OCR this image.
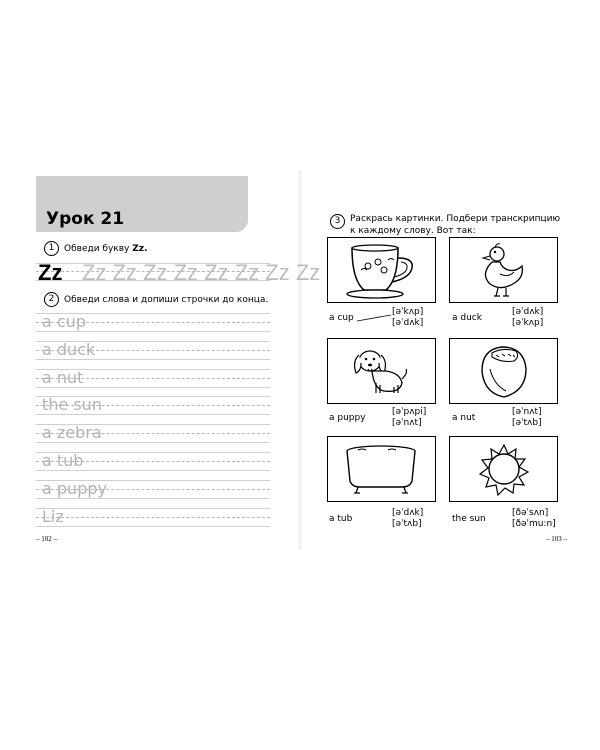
Урок 21
1	Обведи букву Zz.
Zz Zz Zz Zz Zz Zz Zz Zz Zz
2	Обведи слова и допиши строчки до конца.
a cup
a duck
a nut
the sun
a zebra
a tub
a puppy
Liz
– 102 –
3	Раскрась картинки. Подбери транскрипцию
к каждому слову. Вот так:
a cup
[əˈkʌp]
[əˈdʌk]	a duck
[əˈdʌk]
[əˈkʌp]
a puppy
[əˈpʌpi]
[əˈnʌt]	a nut
[əˈnʌt]
[əˈtʌb]
a tub
[əˈdʌk]
[əˈtʌb]	the sun
[ðəˈsʌn]
[ðəˈmu:n]
– 103 –
